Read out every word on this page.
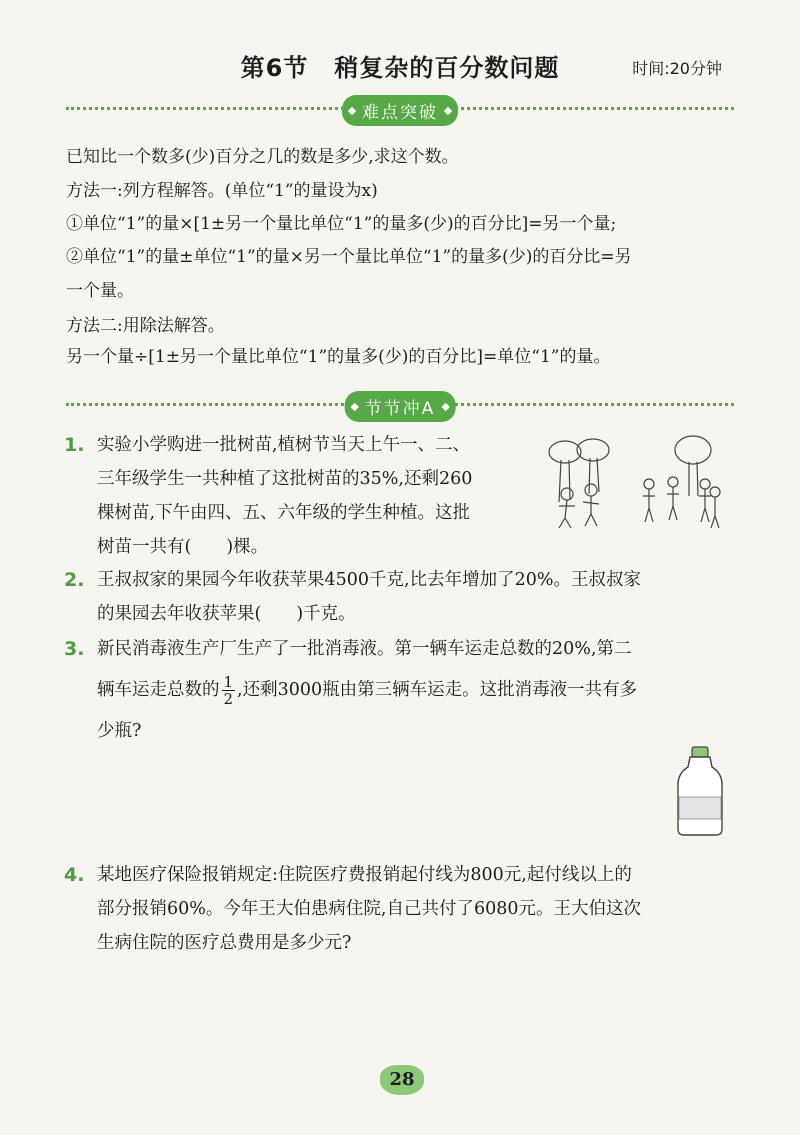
第6节 稍复杂的百分数问题	时间:20分钟
难点突破
已知比一个数多(少)百分之几的数是多少,求这个数。
方法一:列方程解答。(单位“1”的量设为x)
①单位“1”的量×[1±另一个量比单位“1”的量多(少)的百分比]=另一个量;
②单位“1”的量±单位“1”的量×另一个量比单位“1”的量多(少)的百分比=另
一个量。
方法二:用除法解答。
另一个量÷[1±另一个量比单位“1”的量多(少)的百分比]=单位“1”的量。
节节冲A
1. 实验小学购进一批树苗,植树节当天上午一、二、
三年级学生一共种植了这批树苗的35%,还剩260
棵树苗,下午由四、五、六年级的学生种植。这批
树苗一共有(　　)棵。
2. 王叔叔家的果园今年收获苹果4500千克,比去年增加了20%。王叔叔家
的果园去年收获苹果(　　)千克。
3. 新民消毒液生产厂生产了一批消毒液。第一辆车运走总数的20%,第二
辆车运走总数的 $\frac{1}{2}$ ,还剩3000瓶由第三辆车运走。这批消毒液一共有多
少瓶?
4. 某地医疗保险报销规定:住院医疗费报销起付线为800元,起付线以上的
部分报销60%。今年王大伯患病住院,自己共付了6080元。王大伯这次
生病住院的医疗总费用是多少元?
28
